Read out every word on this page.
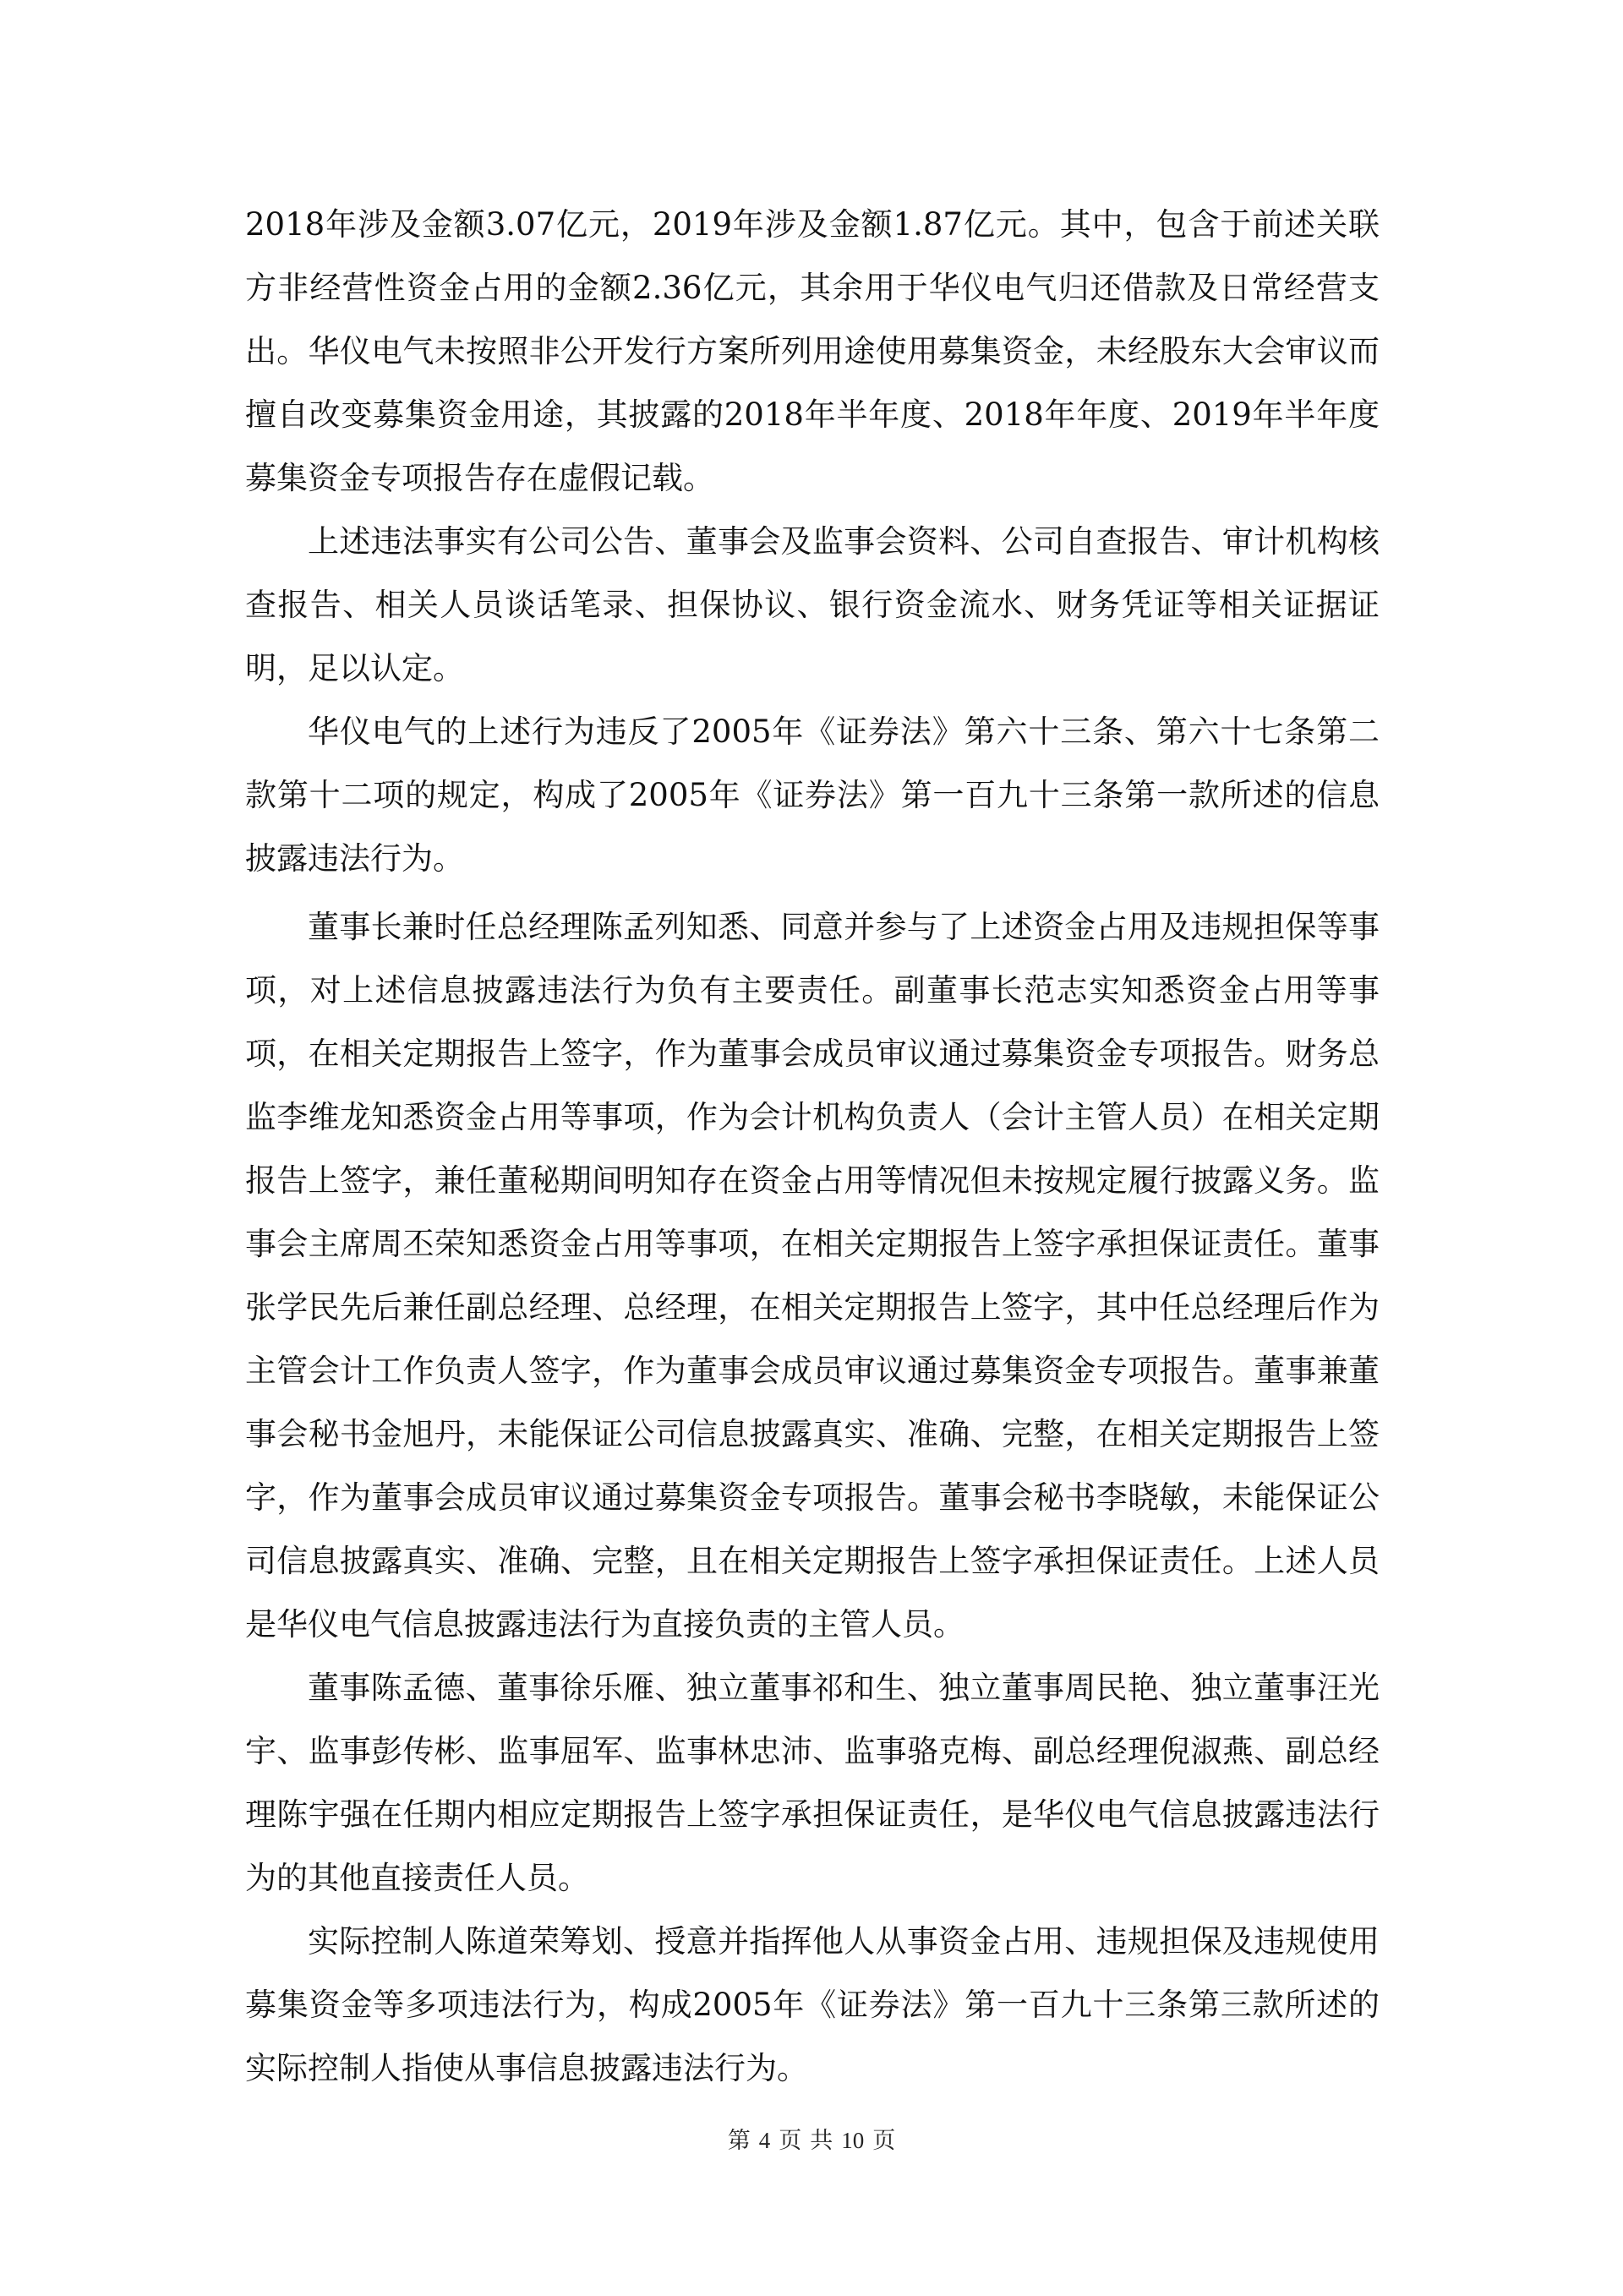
2018年涉及金额3.07亿元，2019年涉及金额1.87亿元。其中，包含于前述关联方非经营性资金占用的金额2.36亿元，其余用于华仪电气归还借款及日常经营支出。华仪电气未按照非公开发行方案所列用途使用募集资金，未经股东大会审议而擅自改变募集资金用途，其披露的2018年半年度、2018年年度、2019年半年度募集资金专项报告存在虚假记载。

上述违法事实有公司公告、董事会及监事会资料、公司自查报告、审计机构核查报告、相关人员谈话笔录、担保协议、银行资金流水、财务凭证等相关证据证明，足以认定。

华仪电气的上述行为违反了2005年《证券法》第六十三条、第六十七条第二款第十二项的规定，构成了2005年《证券法》第一百九十三条第一款所述的信息披露违法行为。

董事长兼时任总经理陈孟列知悉、同意并参与了上述资金占用及违规担保等事项，对上述信息披露违法行为负有主要责任。副董事长范志实知悉资金占用等事项，在相关定期报告上签字，作为董事会成员审议通过募集资金专项报告。财务总监李维龙知悉资金占用等事项，作为会计机构负责人（会计主管人员）在相关定期报告上签字，兼任董秘期间明知存在资金占用等情况但未按规定履行披露义务。监事会主席周丕荣知悉资金占用等事项，在相关定期报告上签字承担保证责任。董事张学民先后兼任副总经理、总经理，在相关定期报告上签字，其中任总经理后作为主管会计工作负责人签字，作为董事会成员审议通过募集资金专项报告。董事兼董事会秘书金旭丹，未能保证公司信息披露真实、准确、完整，在相关定期报告上签字，作为董事会成员审议通过募集资金专项报告。董事会秘书李晓敏，未能保证公司信息披露真实、准确、完整，且在相关定期报告上签字承担保证责任。上述人员是华仪电气信息披露违法行为直接负责的主管人员。

董事陈孟德、董事徐乐雁、独立董事祁和生、独立董事周民艳、独立董事汪光宇、监事彭传彬、监事屈军、监事林忠沛、监事骆克梅、副总经理倪淑燕、副总经理陈宇强在任期内相应定期报告上签字承担保证责任，是华仪电气信息披露违法行为的其他直接责任人员。

实际控制人陈道荣筹划、授意并指挥他人从事资金占用、违规担保及违规使用募集资金等多项违法行为，构成2005年《证券法》第一百九十三条第三款所述的实际控制人指使从事信息披露违法行为。

第 4 页 共 10 页
